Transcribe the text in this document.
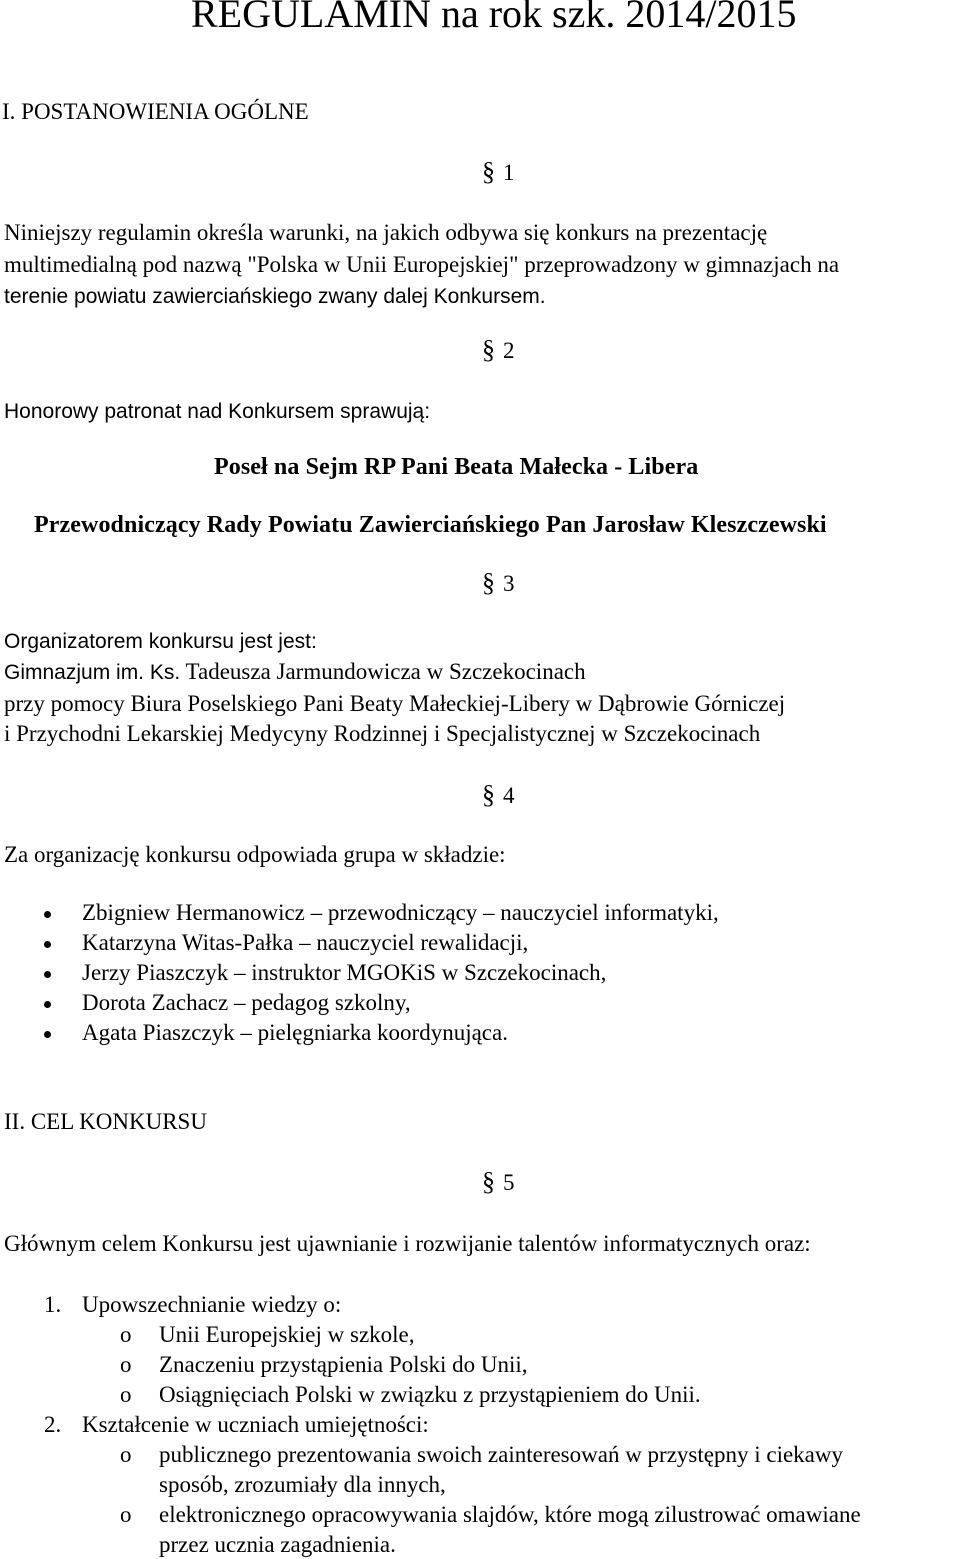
REGULAMIN na rok szk. 2014/2015
I. POSTANOWIENIA OGÓLNE
§ 1
Niniejszy regulamin określa warunki, na jakich odbywa się konkurs na prezentację
multimedialną pod nazwą "Polska w Unii Europejskiej" przeprowadzony w gimnazjach na
terenie powiatu zawierciańskiego zwany dalej Konkursem.
§ 2
Honorowy patronat nad Konkursem sprawują:
Poseł na Sejm RP Pani Beata Małecka - Libera
Przewodniczący Rady Powiatu Zawierciańskiego Pan Jarosław Kleszczewski
§ 3
Organizatorem konkursu jest jest:
Gimnazjum im. Ks. Tadeusza Jarmundowicza w Szczekocinach
przy pomocy Biura Poselskiego Pani Beaty Małeckiej-Libery w Dąbrowie Górniczej
i Przychodni Lekarskiej Medycyny Rodzinnej i Specjalistycznej w Szczekocinach
§ 4
Za organizację konkursu odpowiada grupa w składzie:
Zbigniew Hermanowicz – przewodniczący – nauczyciel informatyki,
Katarzyna Witas-Pałka – nauczyciel rewalidacji,
Jerzy Piaszczyk – instruktor MGOKiS w Szczekocinach,
Dorota Zachacz – pedagog szkolny,
Agata Piaszczyk – pielęgniarka koordynująca.
II. CEL KONKURSU
§ 5
Głównym celem Konkursu jest ujawnianie i rozwijanie talentów informatycznych oraz:
1. Upowszechnianie wiedzy o:
o Unii Europejskiej w szkole,
o Znaczeniu przystąpienia Polski do Unii,
o Osiągnięciach Polski w związku z przystąpieniem do Unii.
2. Kształcenie w uczniach umiejętności:
o publicznego prezentowania swoich zainteresowań w przystępny i ciekawy
sposób, zrozumiały dla innych,
o elektronicznego opracowywania slajdów, które mogą zilustrować omawiane
przez ucznia zagadnienia.
